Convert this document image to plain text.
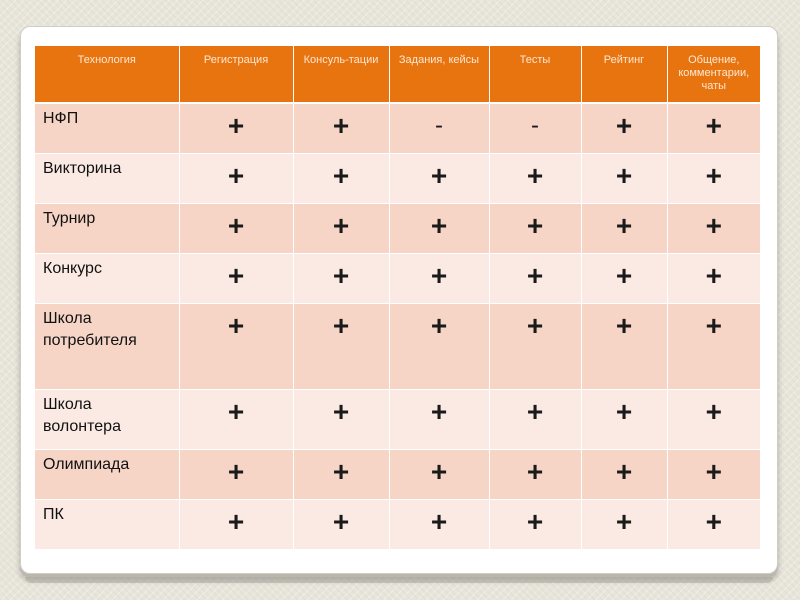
Технология	Регистрация	Консуль-тации	Задания, кейсы	Тесты	Рейтинг	Общение, комментарии, чаты
НФП	+	+	-	-	+	+
Викторина	+	+	+	+	+	+
Турнир	+	+	+	+	+	+
Конкурс	+	+	+	+	+	+
Школа потребителя	+	+	+	+	+	+
Школа волонтера	+	+	+	+	+	+
Олимпиада	+	+	+	+	+	+
ПК	+	+	+	+	+	+
